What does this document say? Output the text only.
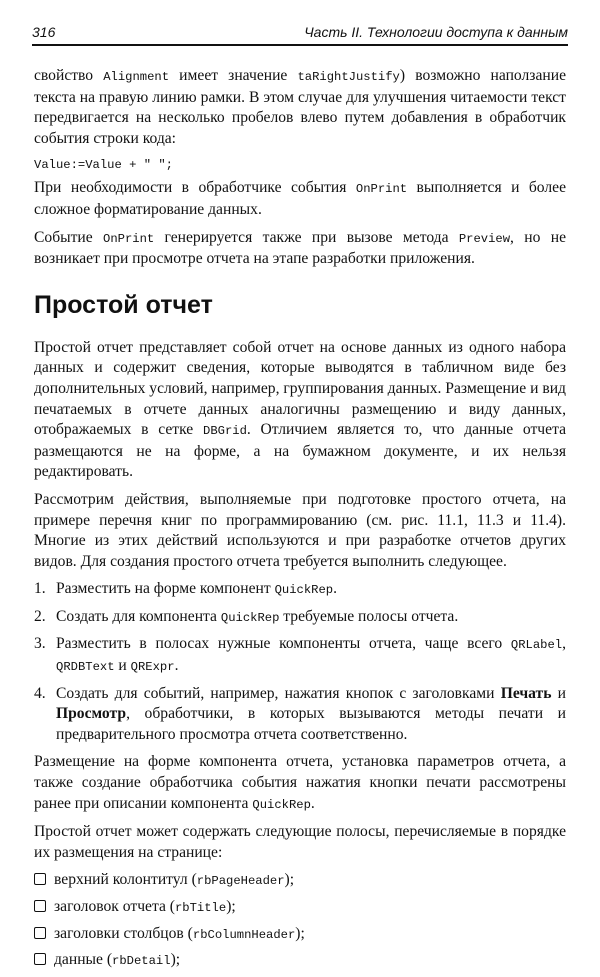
316	Часть II. Технологии доступа к данным

свойство Alignment имеет значение taRightJustify) возможно наползание текста на правую линию рамки. В этом случае для улучшения читаемости текст передвигается на несколько пробелов влево путем добавления в обработчик события строки кода:

Value:=Value + " ";

При необходимости в обработчике события OnPrint выполняется и более сложное форматирование данных.

Событие OnPrint генерируется также при вызове метода Preview, но не возникает при просмотре отчета на этапе разработки приложения.

Простой отчет

Простой отчет представляет собой отчет на основе данных из одного набора данных и содержит сведения, которые выводятся в табличном виде без дополнительных условий, например, группирования данных. Размещение и вид печатаемых в отчете данных аналогичны размещению и виду данных, отображаемых в сетке DBGrid. Отличием является то, что данные отчета размещаются не на форме, а на бумажном документе, и их нельзя редактировать.

Рассмотрим действия, выполняемые при подготовке простого отчета, на примере перечня книг по программированию (см. рис. 11.1, 11.3 и 11.4). Многие из этих действий используются и при разработке отчетов других видов. Для создания простого отчета требуется выполнить следующее.

1. Разместить на форме компонент QuickRep.
2. Создать для компонента QuickRep требуемые полосы отчета.
3. Разместить в полосах нужные компоненты отчета, чаще всего QRLabel, QRDBText и QRExpr.
4. Создать для событий, например, нажатия кнопок с заголовками Печать и Просмотр, обработчики, в которых вызываются методы печати и предварительного просмотра отчета соответственно.

Размещение на форме компонента отчета, установка параметров отчета, а также создание обработчика события нажатия кнопки печати рассмотрены ранее при описании компонента QuickRep.

Простой отчет может содержать следующие полосы, перечисляемые в порядке их размещения на странице:

верхний колонтитул (rbPageHeader);
заголовок отчета (rbTitle);
заголовки столбцов (rbColumnHeader);
данные (rbDetail);
